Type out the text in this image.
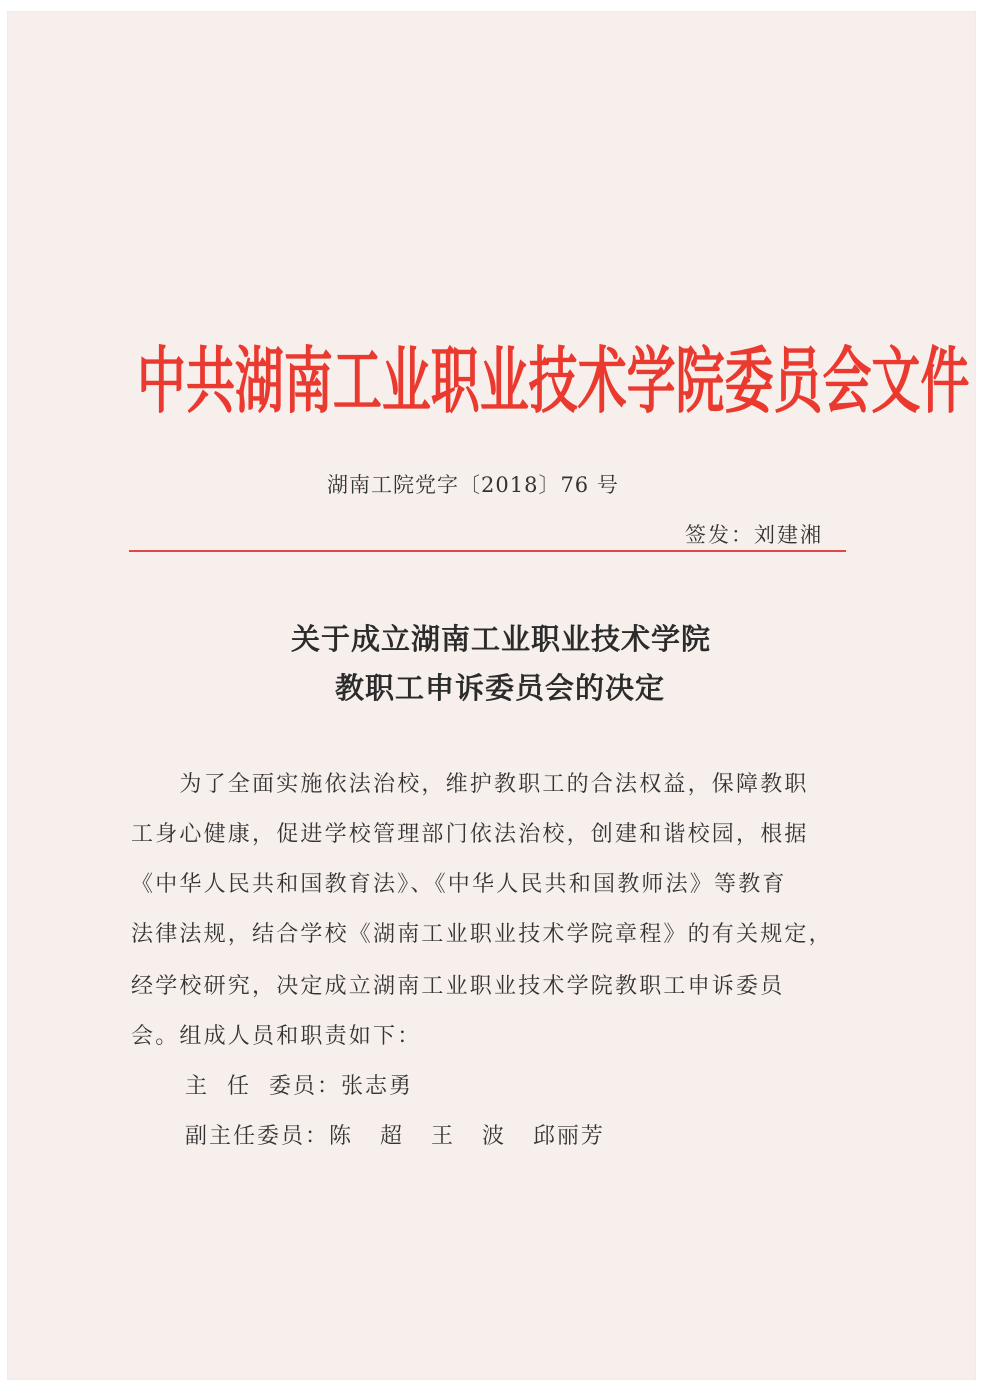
中共湖南工业职业技术学院委员会文件
湖南工院党字〔2018〕76 号
签发：刘建湘
关于成立湖南工业职业技术学院
教职工申诉委员会的决定
　　为了全面实施依法治校，维护教职工的合法权益，保障教职
工身心健康，促进学校管理部门依法治校，创建和谐校园，根据
《中华人民共和国教育法》、《中华人民共和国教师法》等教育
法律法规，结合学校《湖南工业职业技术学院章程》的有关规定，
经学校研究，决定成立湖南工业职业技术学院教职工申诉委员
会。组成人员和职责如下：
主  任  委员：张志勇
副主任委员：陈   超   王   波   邱丽芳
